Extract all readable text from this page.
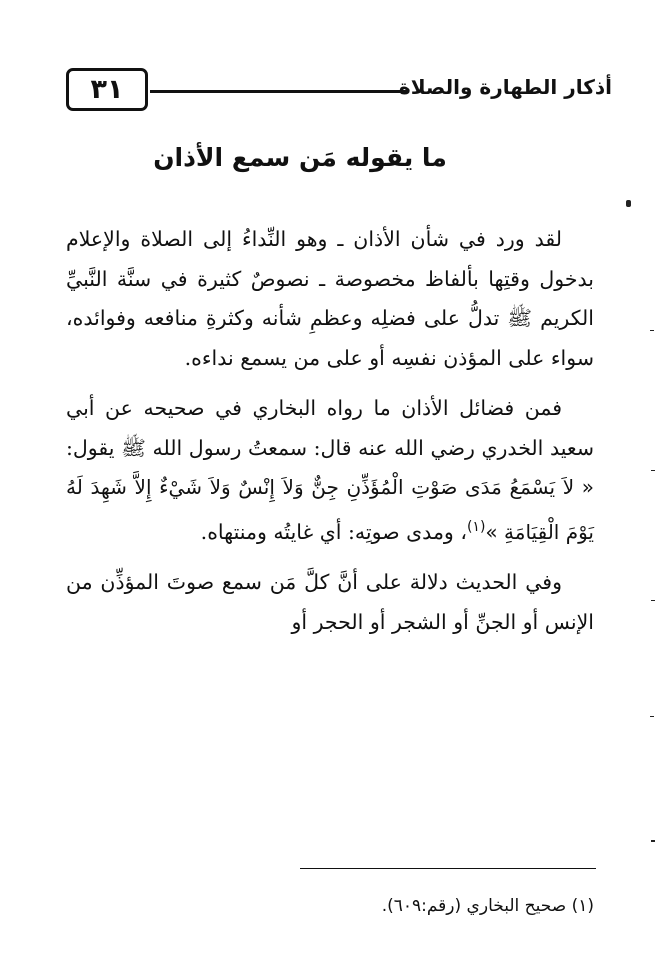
أذكار الطهارة والصلاة
٣١
ما يقوله مَن سمع الأذان

لقد ورد في شأن الأذان ـ وهو النِّداءُ إلى الصلاة والإعلام بدخول وقتِها بألفاظ مخصوصة ـ نصوصٌ كثيرة في سنَّة النَّبيِّ الكريم ﷺ تدلُّ على فضلِه وعظمِ شأنه وكثرةِ منافعه وفوائده، سواء على المؤذن نفسِه أو على من يسمع نداءه.

فمن فضائل الأذان ما رواه البخاري في صحيحه عن أبي سعيد الخدري رضي الله عنه قال: سمعتُ رسول الله ﷺ يقول: « لاَ يَسْمَعُ مَدَى صَوْتِ الْمُؤَذِّنِ جِنٌّ وَلاَ إِنْسٌ وَلاَ شَيْءٌ إِلاَّ شَهِدَ لَهُ يَوْمَ الْقِيَامَةِ »$^{(١)}$، ومدى صوتِه: أي غايتُه ومنتهاه.

وفي الحديث دلالة على أنَّ كلَّ مَن سمع صوتَ المؤذِّن من الإنس أو الجنِّ أو الشجر أو الحجر أو

(١) صحيح البخاري (رقم:٦٠٩).
